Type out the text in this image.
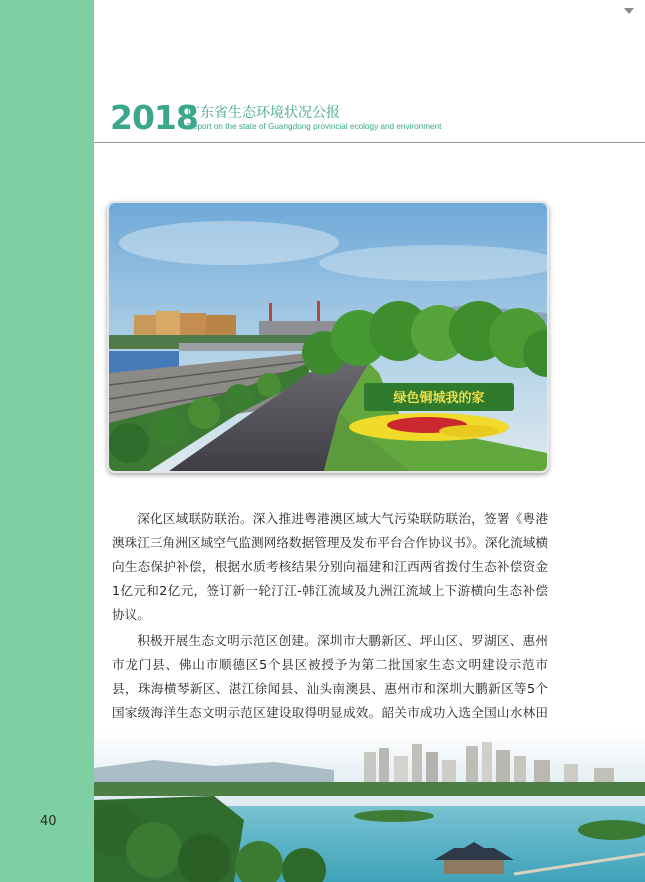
2018
广东省生态环境状况公报
Report on the state of Guangdong provincial ecology and environment
绿色铜城我的家

深化区域联防联治。深入推进粤港澳区域大气污染联防联治，签署《粤港澳珠江三角洲区域空气监测网络数据管理及发布平台合作协议书》。深化流域横向生态保护补偿，根据水质考核结果分别向福建和江西两省拨付生态补偿资金1亿元和2亿元，签订新一轮汀江-韩江流域及九洲江流域上下游横向生态补偿协议。

积极开展生态文明示范区创建。深圳市大鹏新区、坪山区、罗湖区、惠州市龙门县、佛山市顺德区5个县区被授予为第二批国家生态文明建设示范市县，珠海横琴新区、湛江徐闻县、汕头南澳县、惠州市和深圳大鹏新区等5个国家级海洋生态文明示范区建设取得明显成效。韶关市成功入选全国山水林田

40
